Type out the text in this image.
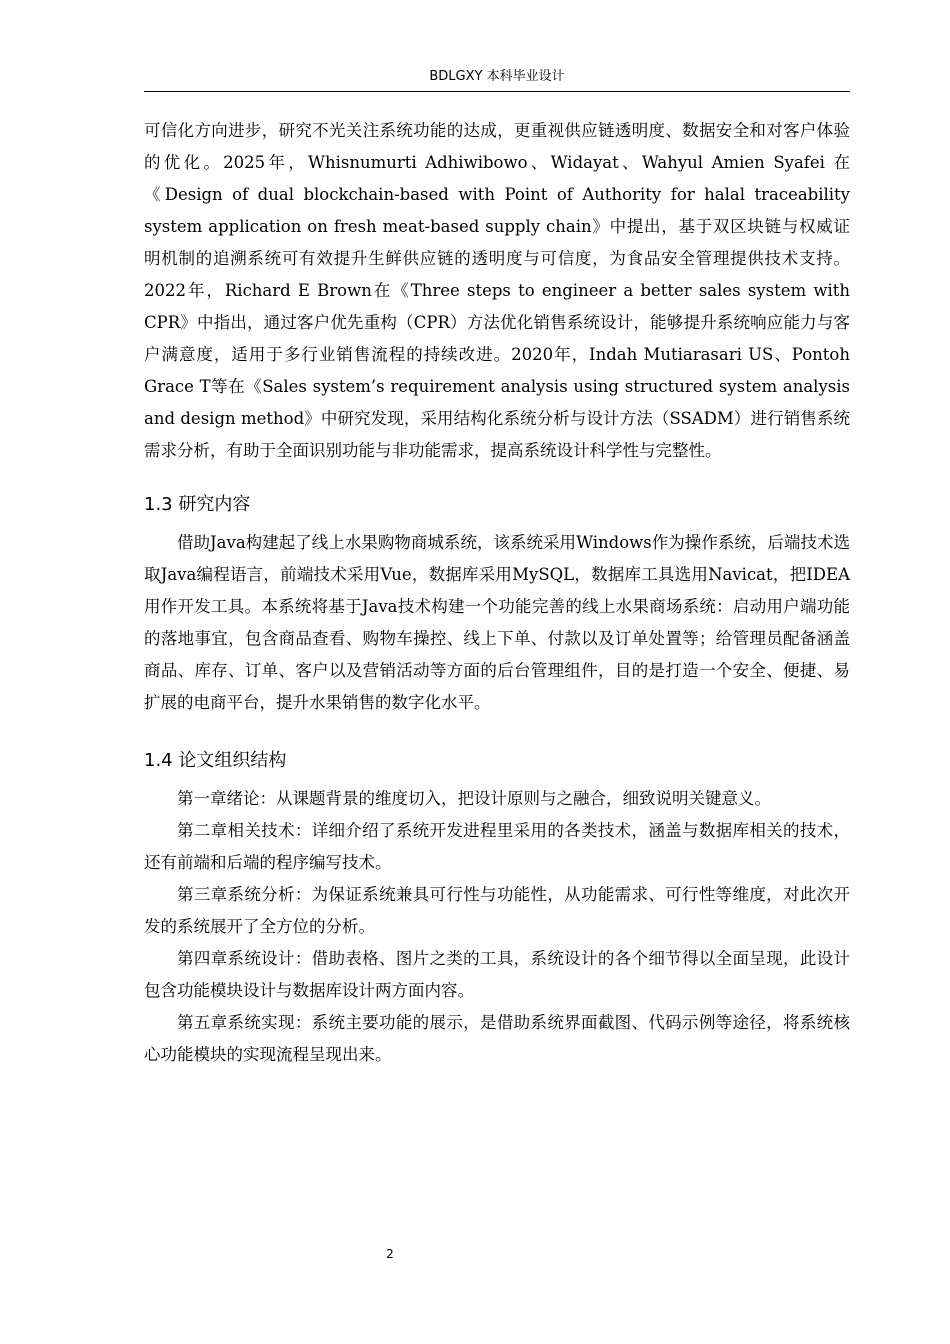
BDLGXY 本科毕业设计

可信化方向进步，研究不光关注系统功能的达成，更重视供应链透明度、数据安全和对客户体验的优化。2025年，Whisnumurti Adhiwibowo、Widayat、Wahyul Amien Syafei 在《Design of dual blockchain-based with Point of Authority for halal traceability system application on fresh meat-based supply chain》中提出，基于双区块链与权威证明机制的追溯系统可有效提升生鲜供应链的透明度与可信度，为食品安全管理提供技术支持。2022年，Richard E Brown在《Three steps to engineer a better sales system with CPR》中指出，通过客户优先重构（CPR）方法优化销售系统设计，能够提升系统响应能力与客户满意度，适用于多行业销售流程的持续改进。2020年，Indah Mutiarasari US、Pontoh Grace T等在《Sales system’s requirement analysis using structured system analysis and design method》中研究发现，采用结构化系统分析与设计方法（SSADM）进行销售系统需求分析，有助于全面识别功能与非功能需求，提高系统设计科学性与完整性。

1.3 研究内容

借助Java构建起了线上水果购物商城系统，该系统采用Windows作为操作系统，后端技术选取Java编程语言，前端技术采用Vue，数据库采用MySQL，数据库工具选用Navicat，把IDEA用作开发工具。本系统将基于Java技术构建一个功能完善的线上水果商场系统：启动用户端功能的落地事宜，包含商品查看、购物车操控、线上下单、付款以及订单处置等；给管理员配备涵盖商品、库存、订单、客户以及营销活动等方面的后台管理组件，目的是打造一个安全、便捷、易扩展的电商平台，提升水果销售的数字化水平。

1.4 论文组织结构

第一章绪论：从课题背景的维度切入，把设计原则与之融合，细致说明关键意义。

第二章相关技术：详细介绍了系统开发进程里采用的各类技术，涵盖与数据库相关的技术，还有前端和后端的程序编写技术。

第三章系统分析：为保证系统兼具可行性与功能性，从功能需求、可行性等维度，对此次开发的系统展开了全方位的分析。

第四章系统设计：借助表格、图片之类的工具，系统设计的各个细节得以全面呈现，此设计包含功能模块设计与数据库设计两方面内容。

第五章系统实现：系统主要功能的展示，是借助系统界面截图、代码示例等途径，将系统核心功能模块的实现流程呈现出来。

2
